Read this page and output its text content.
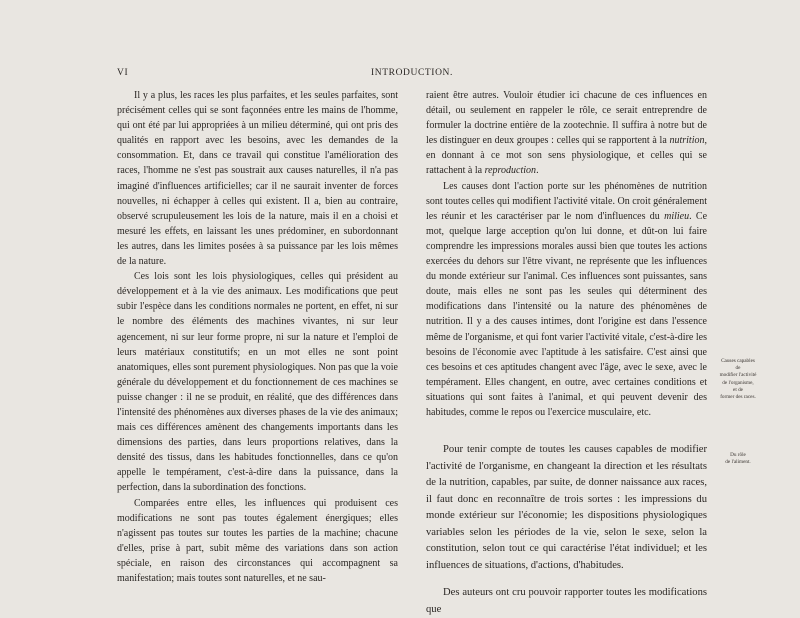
VI	INTRODUCTION.

Il y a plus, les races les plus parfaites, et les seules parfaites, sont précisément celles qui se sont façonnées entre les mains de l'homme, qui ont été par lui appropriées à un milieu déterminé, qui ont pris des qualités en rapport avec les besoins, avec les demandes de la consommation. Et, dans ce travail qui constitue l'amélioration des races, l'homme ne s'est pas soustrait aux causes naturelles, il n'a pas imaginé d'influences artificielles; car il ne saurait inventer de forces nouvelles, ni échapper à celles qui existent. Il a, bien au contraire, observé scrupuleusement les lois de la nature, mais il en a choisi et mesuré les effets, en laissant les unes prédominer, en subordonnant les autres, dans les limites posées à sa puissance par les lois mêmes de la nature.

Ces lois sont les lois physiologiques, celles qui président au développement et à la vie des animaux. Les modifications que peut subir l'espèce dans les conditions normales ne portent, en effet, ni sur le nombre des éléments des machines vivantes, ni sur leur agencement, ni sur leur forme propre, ni sur la nature et l'emploi de leurs matériaux constitutifs; en un mot elles ne sont point anatomiques, elles sont purement physiologiques. Non pas que la voie générale du développement et du fonctionnement de ces machines se puisse changer : il ne se produit, en réalité, que des différences dans l'intensité des phénomènes aux diverses phases de la vie des animaux; mais ces différences amènent des changements importants dans les dimensions des parties, dans leurs proportions relatives, dans la densité des tissus, dans les habitudes fonctionnelles, dans ce qu'on appelle le tempérament, c'est-à-dire dans la puissance, dans la perfection, dans la subordination des fonctions.

Comparées entre elles, les influences qui produisent ces modifications ne sont pas toutes également énergiques; elles n'agissent pas toutes sur toutes les parties de la machine; chacune d'elles, prise à part, subit même des variations dans son action spéciale, en raison des circonstances qui accompagnent sa manifestation; mais toutes sont naturelles, et ne sau-

raient être autres. Vouloir étudier ici chacune de ces influences en détail, ou seulement en rappeler le rôle, ce serait entreprendre de formuler la doctrine entière de la zootechnie. Il suffira à notre but de les distinguer en deux groupes : celles qui se rapportent à la nutrition, en donnant à ce mot son sens physiologique, et celles qui se rattachent à la reproduction.

Les causes dont l'action porte sur les phénomènes de nutrition sont toutes celles qui modifient l'activité vitale. On croit généralement les réunir et les caractériser par le nom d'influences du milieu. Ce mot, quelque large acception qu'on lui donne, et dût-on lui faire comprendre les impressions morales aussi bien que toutes les actions exercées du dehors sur l'être vivant, ne représente que les influences du monde extérieur sur l'animal. Ces influences sont puissantes, sans doute, mais elles ne sont pas les seules qui déterminent des modifications dans l'intensité ou la nature des phénomènes de nutrition. Il y a des causes intimes, dont l'origine est dans l'essence même de l'organisme, et qui font varier l'activité vitale, c'est-à-dire les besoins de l'économie avec l'aptitude à les satisfaire. C'est ainsi que ces besoins et ces aptitudes changent avec l'âge, avec le sexe, avec le tempérament. Elles changent, en outre, avec certaines conditions et situations qui sont faites à l'animal, et qui peuvent devenir des habitudes, comme le repos ou l'exercice musculaire, etc.

Pour tenir compte de toutes les causes capables de modifier l'activité de l'organisme, en changeant la direction et les résultats de la nutrition, capables, par suite, de donner naissance aux races, il faut donc en reconnaître de trois sortes : les impressions du monde extérieur sur l'économie; les dispositions physiologiques variables selon les périodes de la vie, selon le sexe, selon la constitution, selon tout ce qui caractérise l'état individuel; et les influences de situations, d'actions, d'habitudes.

Des auteurs ont cru pouvoir rapporter toutes les modifications que

Causes capables
de
modifier l'activité
de l'organisme,
et de
former des races.
Du rôle
de l'aliment.
